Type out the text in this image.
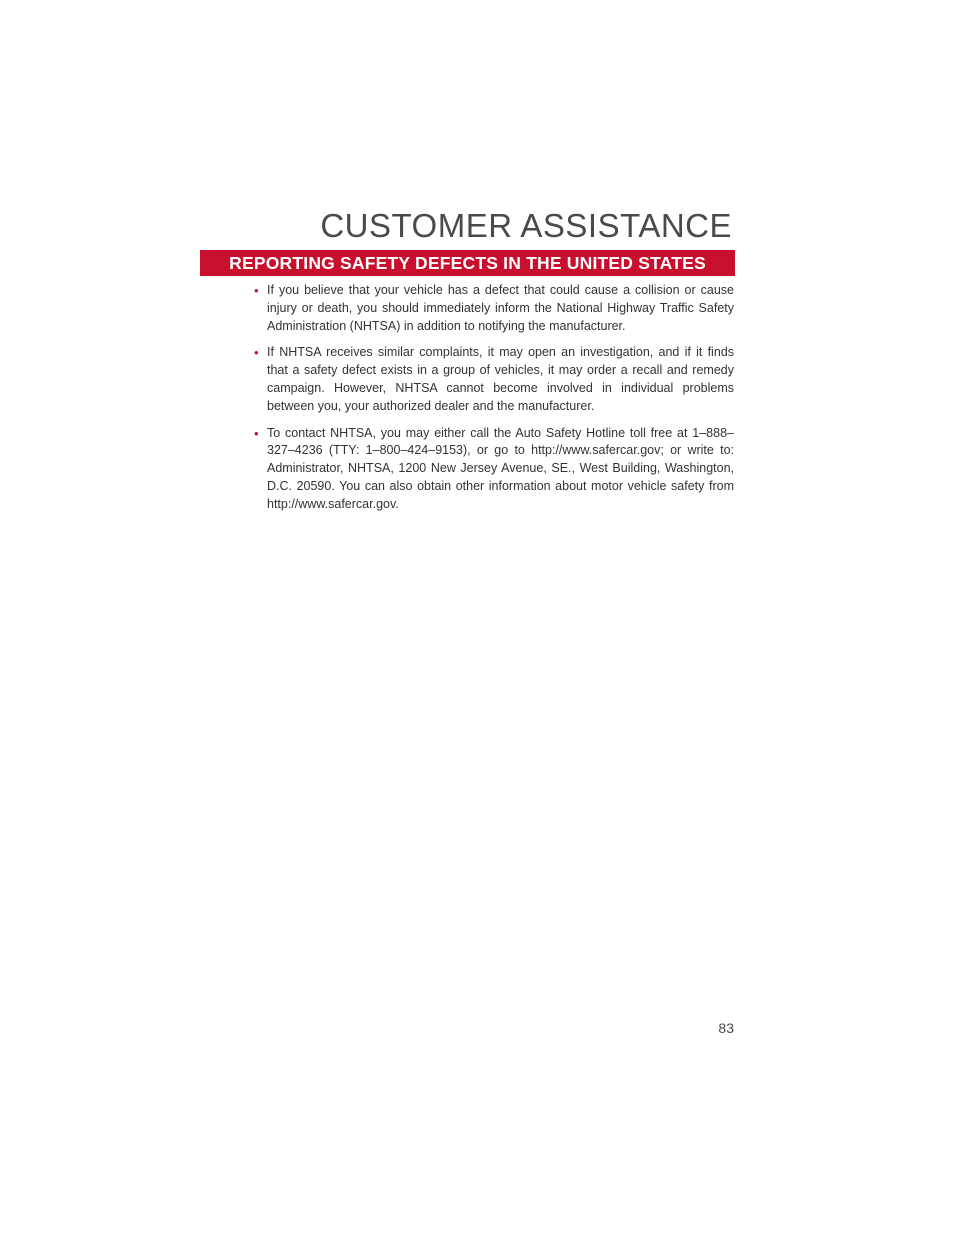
CUSTOMER ASSISTANCE
REPORTING SAFETY DEFECTS IN THE UNITED STATES
• If you believe that your vehicle has a defect that could cause a collision or cause injury or death, you should immediately inform the National Highway Traffic Safety Administration (NHTSA) in addition to notifying the manufacturer.
• If NHTSA receives similar complaints, it may open an investigation, and if it finds that a safety defect exists in a group of vehicles, it may order a recall and remedy campaign. However, NHTSA cannot become involved in individual problems between you, your authorized dealer and the manufacturer.
• To contact NHTSA, you may either call the Auto Safety Hotline toll free at 1–888–327–4236 (TTY: 1–800–424–9153), or go to http://www.safercar.gov; or write to: Administrator, NHTSA, 1200 New Jersey Avenue, SE., West Building, Washington, D.C. 20590. You can also obtain other information about motor vehicle safety from http://www.safercar.gov.
83
